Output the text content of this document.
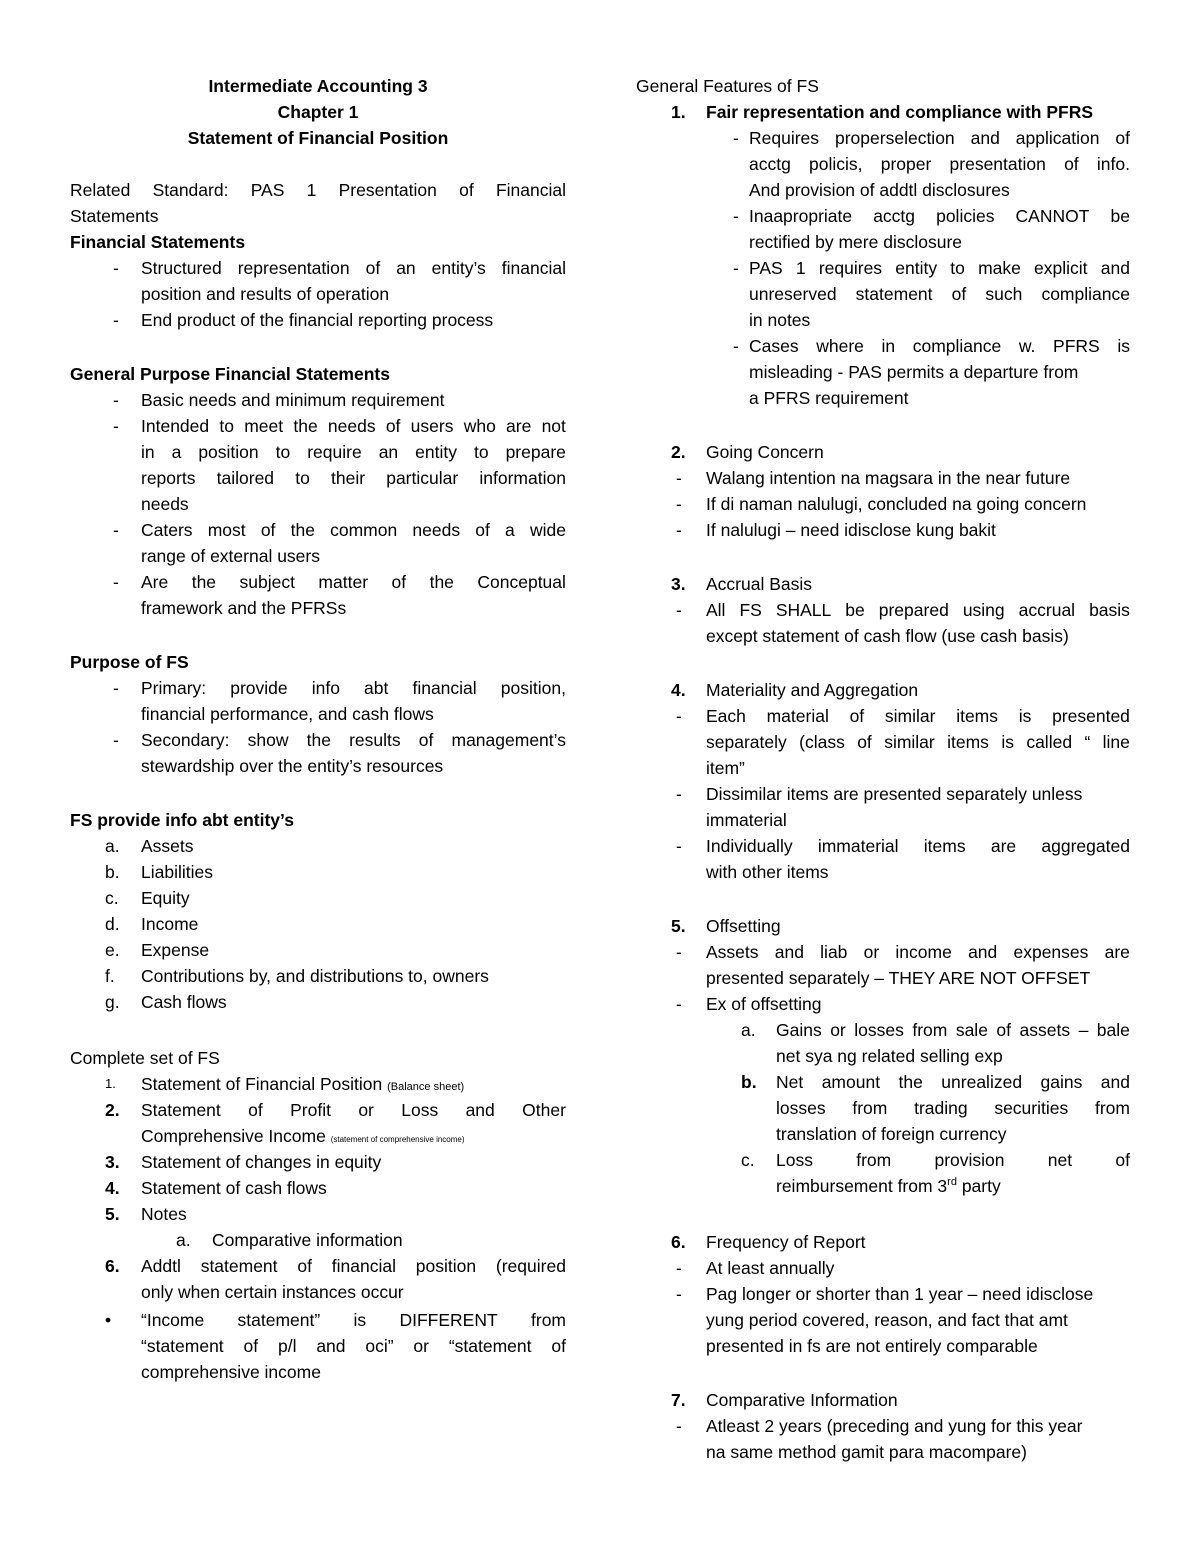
Intermediate Accounting 3
Chapter 1
Statement of Financial Position
Related Standard: PAS 1 Presentation of Financial
Statements
Financial Statements
- Structured representation of an entity’s financial
position and results of operation
- End product of the financial reporting process
General Purpose Financial Statements
- Basic needs and minimum requirement
- Intended to meet the needs of users who are not
in a position to require an entity to prepare
reports tailored to their particular information
needs
- Caters most of the common needs of a wide
range of external users
- Are the subject matter of the Conceptual
framework and the PFRSs
Purpose of FS
- Primary: provide info abt financial position,
financial performance, and cash flows
- Secondary: show the results of management’s
stewardship over the entity’s resources
FS provide info abt entity’s
a. Assets
b. Liabilities
c. Equity
d. Income
e. Expense
f. Contributions by, and distributions to, owners
g. Cash flows
Complete set of FS
1. Statement of Financial Position (Balance sheet)
2. Statement of Profit or Loss and Other
Comprehensive Income (statement of comprehensive income)
3. Statement of changes in equity
4. Statement of cash flows
5. Notes
a. Comparative information
6. Addtl statement of financial position (required
only when certain instances occur
• “Income statement” is DIFFERENT from
“statement of p/l and oci” or “statement of
comprehensive income
General Features of FS
1. Fair representation and compliance with PFRS
- Requires properselection and application of
acctg policis, proper presentation of info.
And provision of addtl disclosures
- Inaapropriate acctg policies CANNOT be
rectified by mere disclosure
- PAS 1 requires entity to make explicit and
unreserved statement of such compliance
in notes
- Cases where in compliance w. PFRS is
misleading - PAS permits a departure from
a PFRS requirement
2. Going Concern
- Walang intention na magsara in the near future
- If di naman nalulugi, concluded na going concern
- If nalulugi – need idisclose kung bakit
3. Accrual Basis
- All FS SHALL be prepared using accrual basis
except statement of cash flow (use cash basis)
4. Materiality and Aggregation
- Each material of similar items is presented
separately (class of similar items is called “ line
item”
- Dissimilar items are presented separately unless
immaterial
- Individually immaterial items are aggregated
with other items
5. Offsetting
- Assets and liab or income and expenses are
presented separately – THEY ARE NOT OFFSET
- Ex of offsetting
a. Gains or losses from sale of assets – bale
net sya ng related selling exp
b. Net amount the unrealized gains and
losses from trading securities from
translation of foreign currency
c. Loss from provision net of
reimbursement from 3rd party
6. Frequency of Report
- At least annually
- Pag longer or shorter than 1 year – need idisclose
yung period covered, reason, and fact that amt
presented in fs are not entirely comparable
7. Comparative Information
- Atleast 2 years (preceding and yung for this year
na same method gamit para macompare)
